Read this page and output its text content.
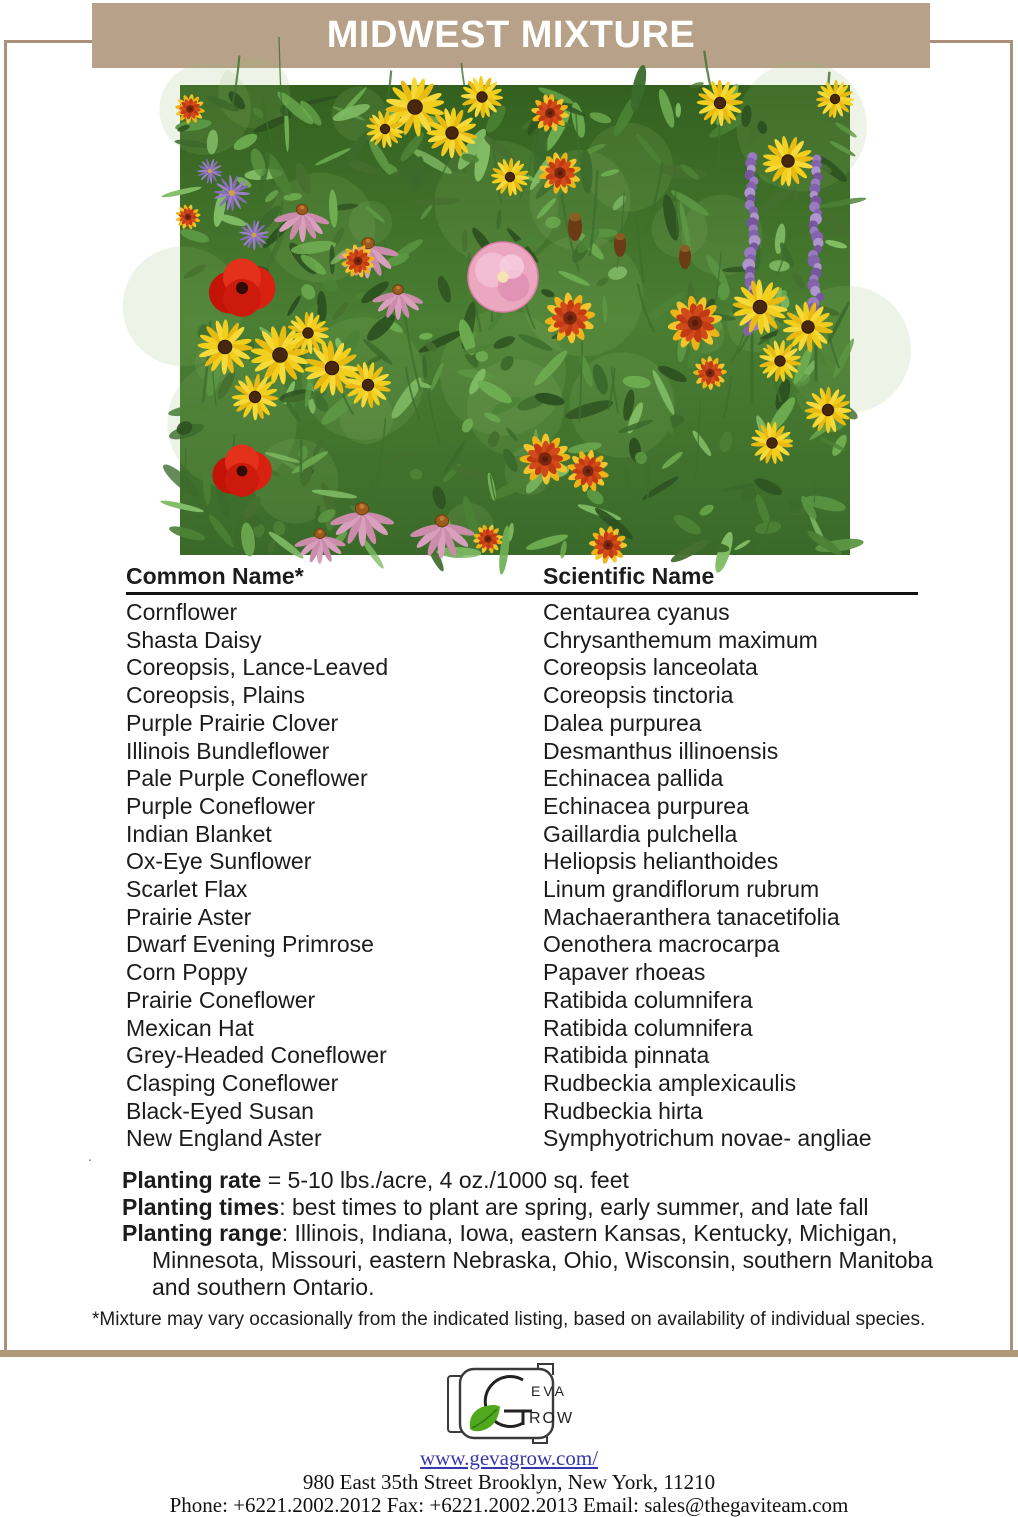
MIDWEST MIXTURE
Common Name*	Scientific Name
Cornflower	Centaurea cyanus
Shasta Daisy	Chrysanthemum maximum
Coreopsis, Lance-Leaved	Coreopsis lanceolata
Coreopsis, Plains	Coreopsis tinctoria
Purple Prairie Clover	Dalea purpurea
Illinois Bundleflower	Desmanthus illinoensis
Pale Purple Coneflower	Echinacea pallida
Purple Coneflower	Echinacea purpurea
Indian Blanket	Gaillardia pulchella
Ox-Eye Sunflower	Heliopsis helianthoides
Scarlet Flax	Linum grandiflorum rubrum
Prairie Aster	Machaeranthera tanacetifolia
Dwarf Evening Primrose	Oenothera macrocarpa
Corn Poppy	Papaver rhoeas
Prairie Coneflower	Ratibida columnifera
Mexican Hat	Ratibida columnifera
Grey-Headed Coneflower	Ratibida pinnata
Clasping Coneflower	Rudbeckia amplexicaulis
Black-Eyed Susan	Rudbeckia hirta
New England Aster	Symphyotrichum novae- angliae
.
Planting rate = 5-10 lbs./acre, 4 oz./1000 sq. feet
Planting times: best times to plant are spring, early summer, and late fall
Planting range: Illinois, Indiana, Iowa, eastern Kansas, Kentucky, Michigan, Minnesota, Missouri, eastern Nebraska, Ohio, Wisconsin, southern Manitoba and southern Ontario.
*Mixture may vary occasionally from the indicated listing, based on availability of individual species.
EVA
ROW
www.gevagrow.com/
980 East 35th Street Brooklyn, New York, 11210
Phone: +6221.2002.2012 Fax: +6221.2002.2013 Email: sales@thegaviteam.com
